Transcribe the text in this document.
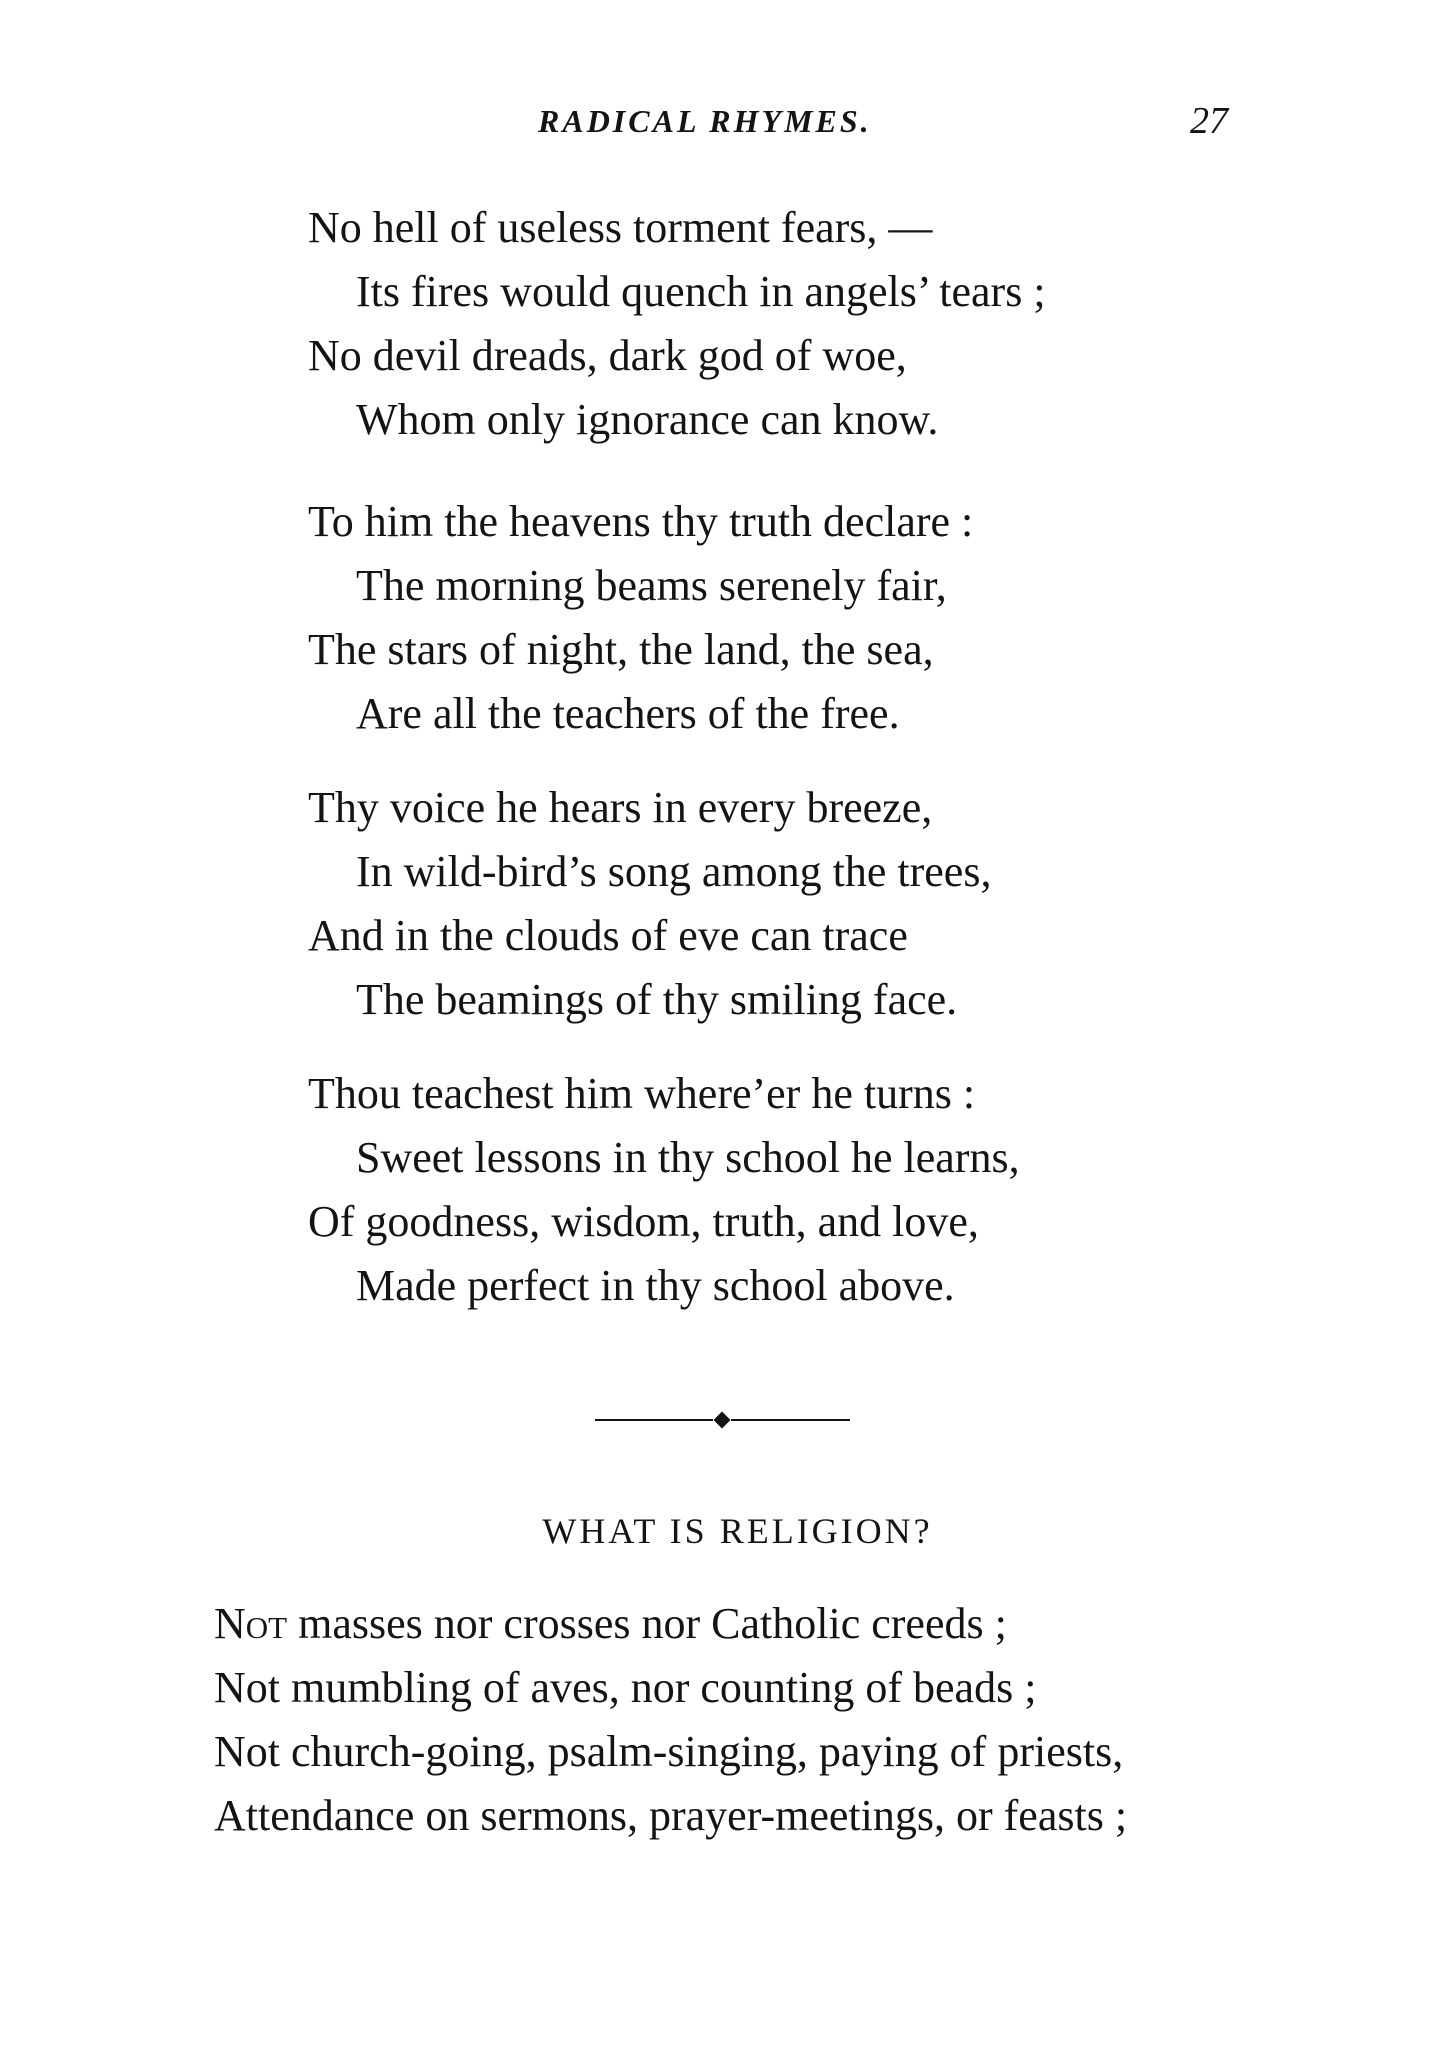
RADICAL RHYMES.	27
No hell of useless torment fears, —
Its fires would quench in angels’ tears ;
No devil dreads, dark god of woe,
Whom only ignorance can know.
To him the heavens thy truth declare :
The morning beams serenely fair,
The stars of night, the land, the sea,
Are all the teachers of the free.
Thy voice he hears in every breeze,
In wild-bird’s song among the trees,
And in the clouds of eve can trace
The beamings of thy smiling face.
Thou teachest him where’er he turns :
Sweet lessons in thy school he learns,
Of goodness, wisdom, truth, and love,
Made perfect in thy school above.
WHAT IS RELIGION?
Not masses nor crosses nor Catholic creeds ;
Not mumbling of aves, nor counting of beads ;
Not church-going, psalm-singing, paying of priests,
Attendance on sermons, prayer-meetings, or feasts ;
